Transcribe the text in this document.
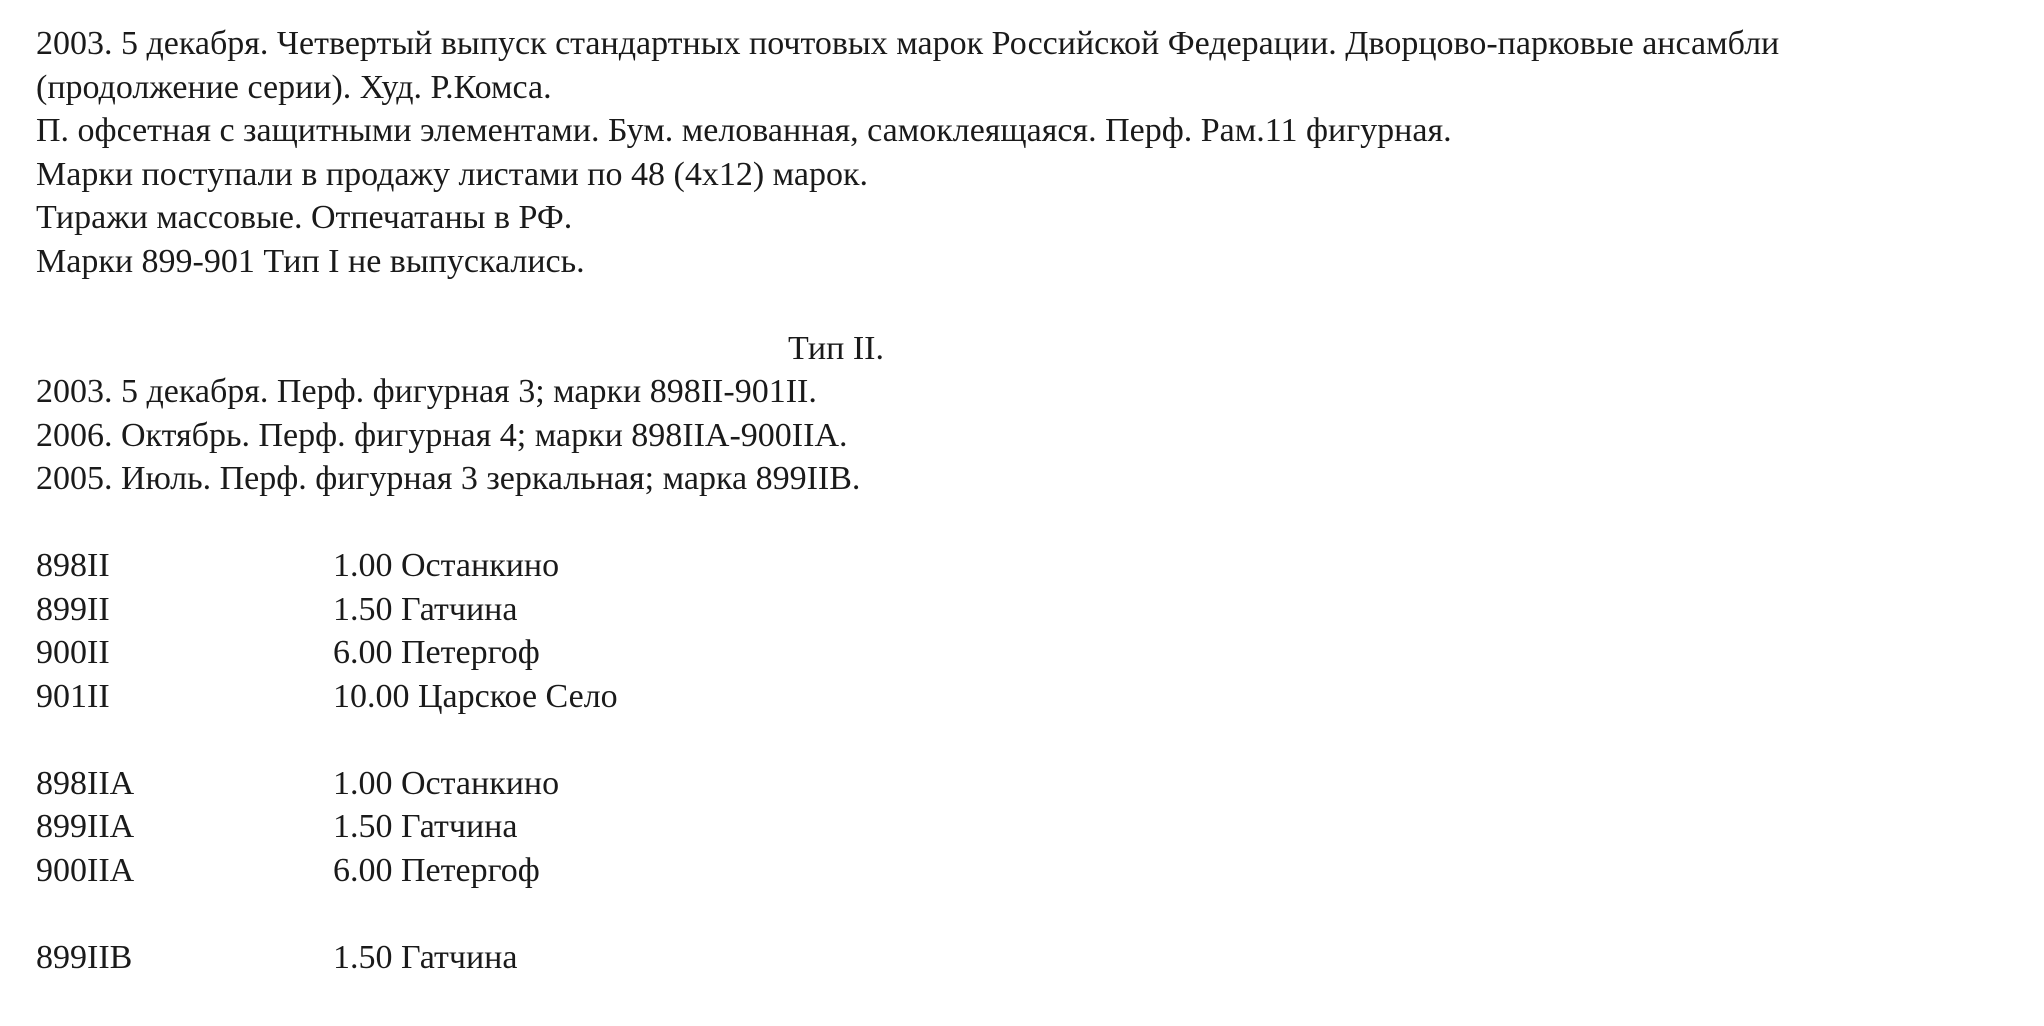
2003. 5 декабря. Четвертый выпуск стандартных почтовых марок Российской Федерации. Дворцово-парковые ансамбли
(продолжение серии). Худ. Р.Комса.
П. офсетная с защитными элементами. Бум. мелованная, самоклеящаяся. Перф. Рам.11 фигурная.
Марки поступали в продажу листами по 48 (4x12) марок.
Тиражи массовые. Отпечатаны в РФ.
Марки 899-901 Тип I не выпускались.
Тип II.
2003. 5 декабря. Перф. фигурная 3; марки 898II-901II.
2006. Октябрь. Перф. фигурная 4; марки 898IIA-900IIA.
2005. Июль. Перф. фигурная 3 зеркальная; марка 899IIB.
898II	1.00 Останкино
899II	1.50 Гатчина
900II	6.00 Петергоф
901II	10.00 Царское Село
898IIA	1.00 Останкино
899IIA	1.50 Гатчина
900IIA	6.00 Петергоф
899IIB	1.50 Гатчина
